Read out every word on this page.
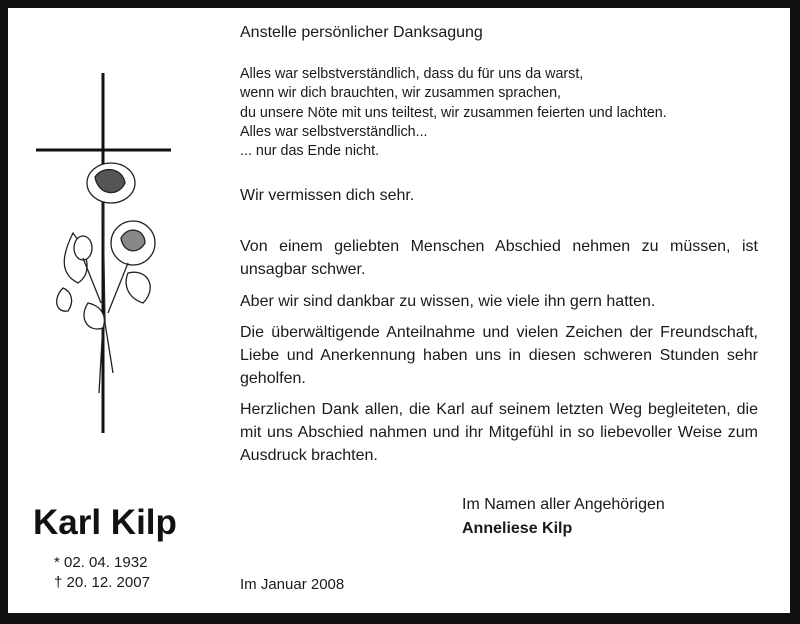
Anstelle persönlicher Danksagung
Alles war selbstverständlich, dass du für uns da warst,
wenn wir dich brauchten, wir zusammen sprachen,
du unsere Nöte mit uns teiltest, wir zusammen feierten und lachten.
Alles war selbstverständlich...
... nur das Ende nicht.
Wir vermissen dich sehr.
Von einem geliebten Menschen Abschied nehmen zu müssen, ist unsagbar schwer.
Aber wir sind dankbar zu wissen, wie viele ihn gern hatten.
Die überwältigende Anteilnahme und vielen Zeichen der Freundschaft, Liebe und Anerkennung haben uns in diesen schweren Stunden sehr geholfen.
Herzlichen Dank allen, die Karl auf seinem letzten Weg begleiteten, die mit uns Abschied nahmen und ihr Mitgefühl in so liebevoller Weise zum Ausdruck brachten.
Im Namen aller Angehörigen
Anneliese Kilp
Karl Kilp
* 02. 04. 1932
† 20. 12. 2007	Im Januar 2008
